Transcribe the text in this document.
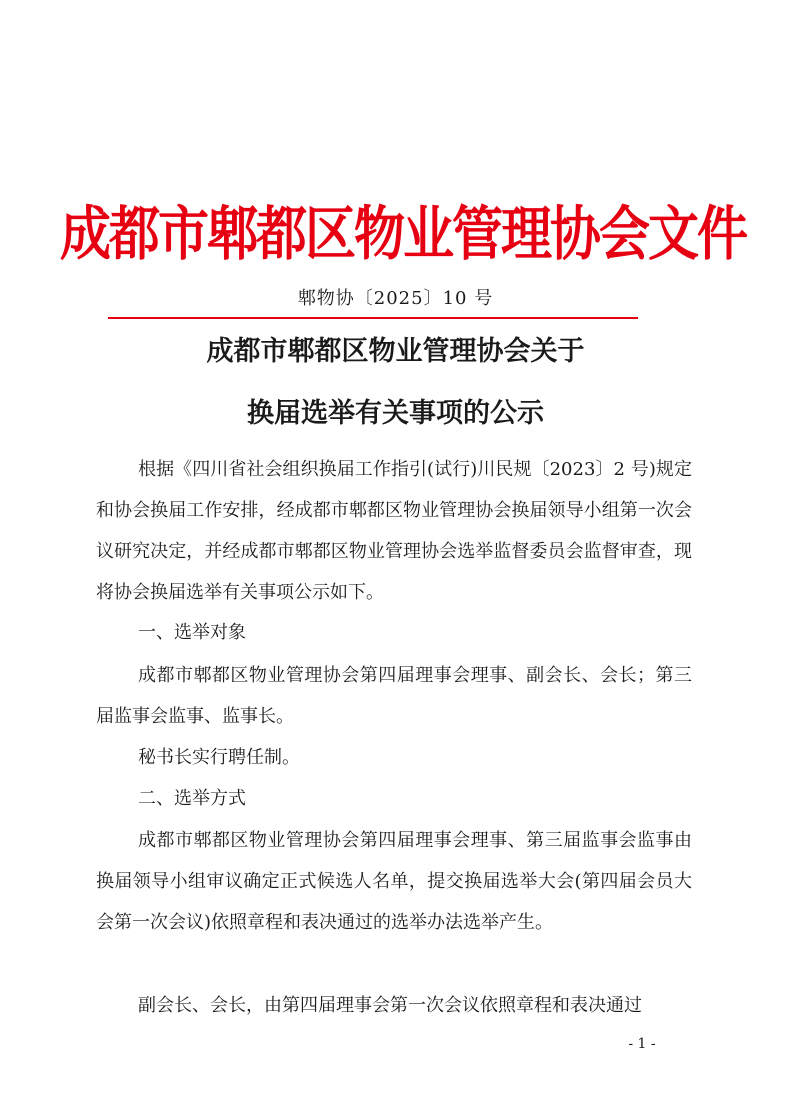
成都市郫都区物业管理协会文件
郫物协〔2025〕10 号
成都市郫都区物业管理协会关于
换届选举有关事项的公示

根据《四川省社会组织换届工作指引(试行)川民规〔2023〕2 号)规定和协会换届工作安排，经成都市郫都区物业管理协会换届领导小组第一次会议研究决定，并经成都市郫都区物业管理协会选举监督委员会监督审查，现将协会换届选举有关事项公示如下。

一、选举对象

成都市郫都区物业管理协会第四届理事会理事、副会长、会长；第三届监事会监事、监事长。

秘书长实行聘任制。

二、选举方式

成都市郫都区物业管理协会第四届理事会理事、第三届监事会监事由换届领导小组审议确定正式候选人名单，提交换届选举大会(第四届会员大会第一次会议)依照章程和表决通过的选举办法选举产生。

副会长、会长，由第四届理事会第一次会议依照章程和表决通过

- 1 -
